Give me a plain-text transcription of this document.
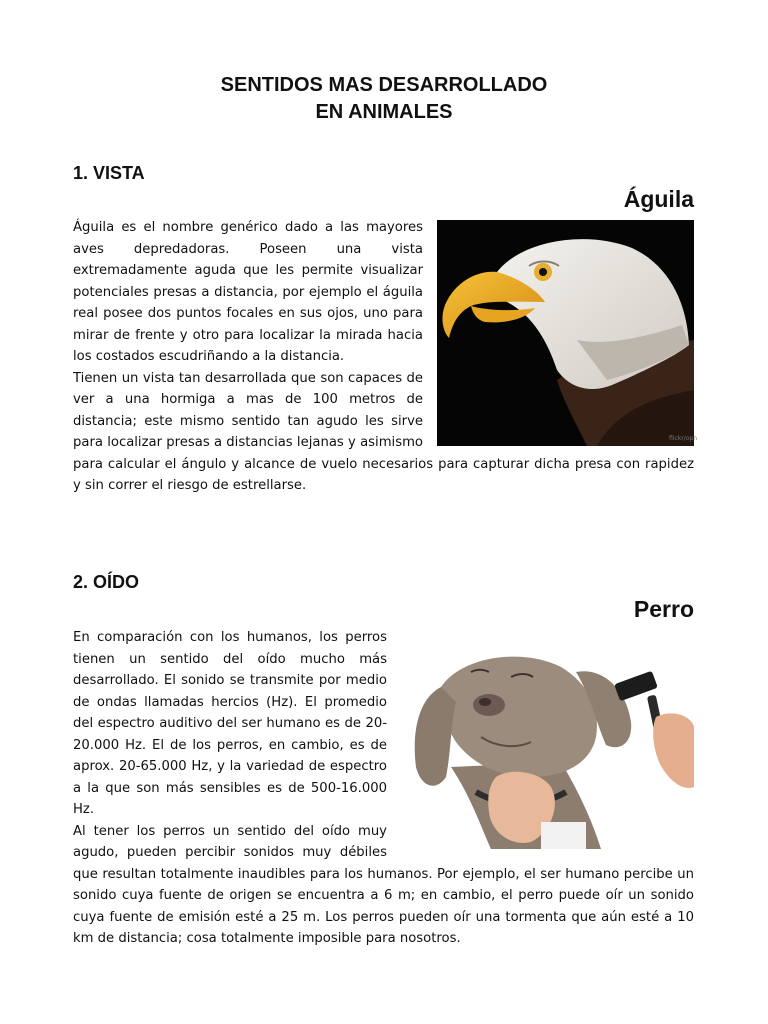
SENTIDOS MAS DESARROLLADO
EN ANIMALES
1. VISTA
Águila
flickr/opn

Águila es el nombre genérico dado a las mayores aves depredadoras. Poseen una vista extremadamente aguda que les permite visualizar potenciales presas a distancia, por ejemplo el águila real posee dos puntos focales en sus ojos, uno para mirar de frente y otro para localizar la mirada hacia los costados escudriñando a la distancia.

Tienen un vista tan desarrollada que son capaces de ver a una hormiga a mas de 100 metros de distancia; este mismo sentido tan agudo les sirve para localizar presas a distancias lejanas y asimismo para calcular el ángulo y alcance de vuelo necesarios para capturar dicha presa con rapidez y sin correr el riesgo de estrellarse.

2. OÍDO
Perro

En comparación con los humanos, los perros tienen un sentido del oído mucho más desarrollado. El sonido se transmite por medio de ondas llamadas hercios (Hz). El promedio del espectro auditivo del ser humano es de 20-20.000 Hz. El de los perros, en cambio, es de aprox. 20-65.000 Hz, y la variedad de espectro a la que son más sensibles es de 500-16.000 Hz.

Al tener los perros un sentido del oído muy agudo, pueden percibir sonidos muy débiles que resultan totalmente inaudibles para los humanos. Por ejemplo, el ser humano percibe un sonido cuya fuente de origen se encuentra a 6 m; en cambio, el perro puede oír un sonido cuya fuente de emisión esté a 25 m. Los perros pueden oír una tormenta que aún esté a 10 km de distancia; cosa totalmente imposible para nosotros.
